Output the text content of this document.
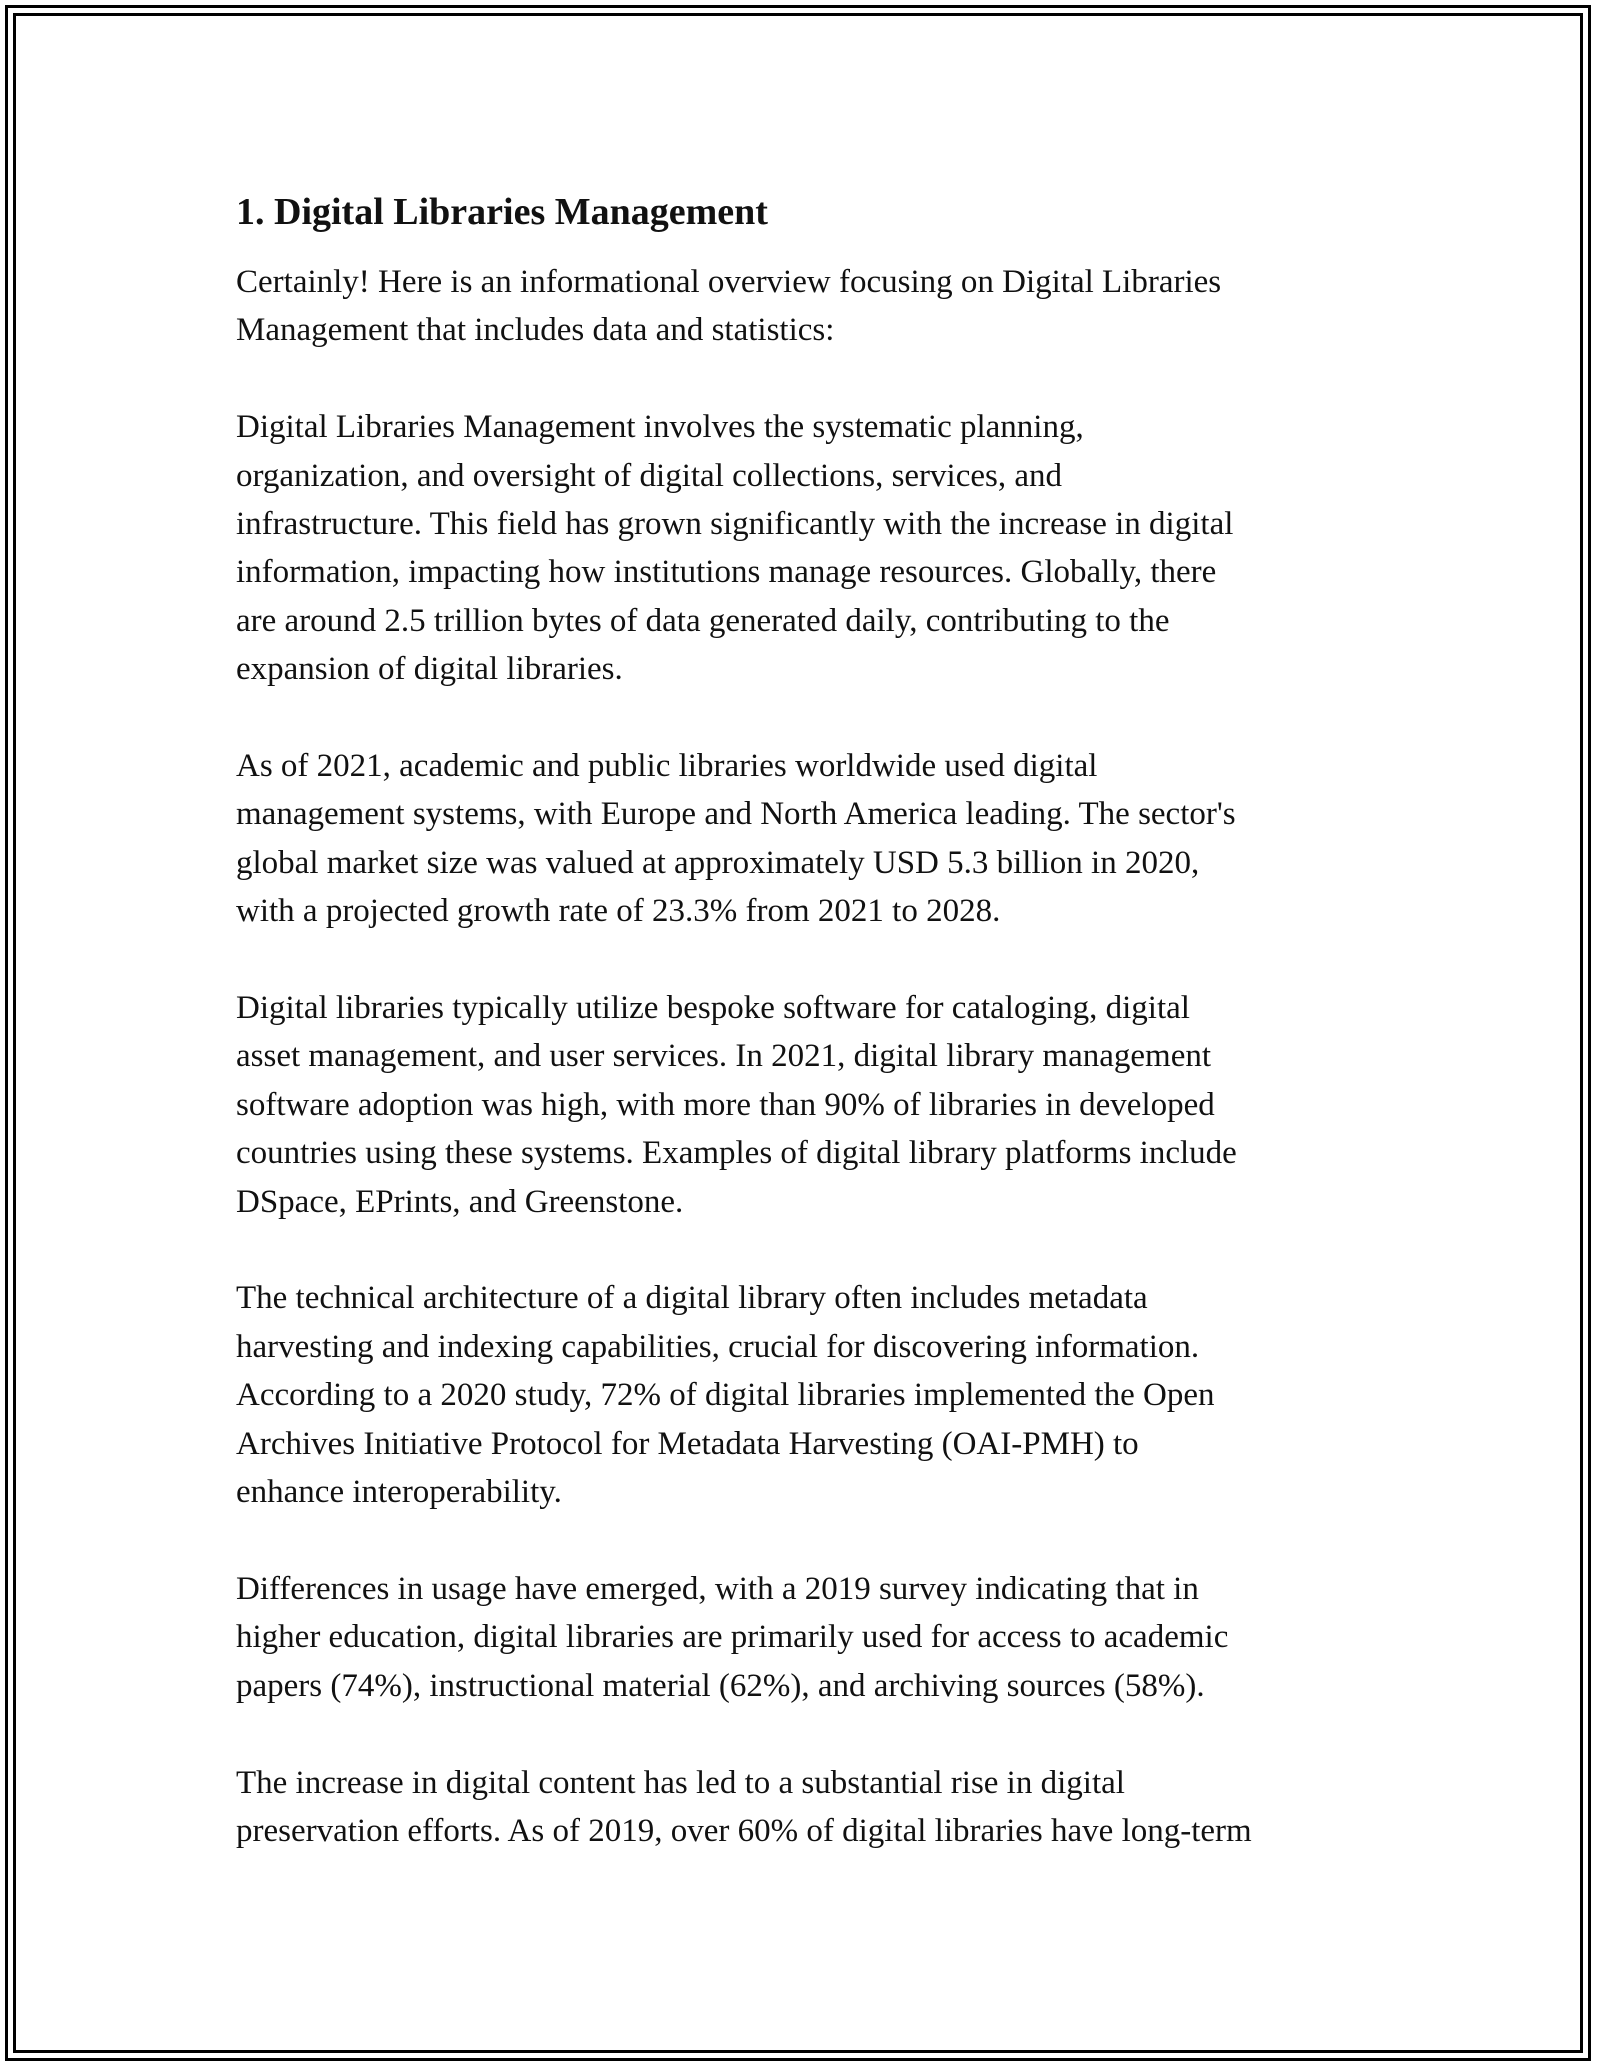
1. Digital Libraries Management

Certainly! Here is an informational overview focusing on Digital Libraries
Management that includes data and statistics:

Digital Libraries Management involves the systematic planning,
organization, and oversight of digital collections, services, and
infrastructure. This field has grown significantly with the increase in digital
information, impacting how institutions manage resources. Globally, there
are around 2.5 trillion bytes of data generated daily, contributing to the
expansion of digital libraries.

As of 2021, academic and public libraries worldwide used digital
management systems, with Europe and North America leading. The sector's
global market size was valued at approximately USD 5.3 billion in 2020,
with a projected growth rate of 23.3% from 2021 to 2028.

Digital libraries typically utilize bespoke software for cataloging, digital
asset management, and user services. In 2021, digital library management
software adoption was high, with more than 90% of libraries in developed
countries using these systems. Examples of digital library platforms include
DSpace, EPrints, and Greenstone.

The technical architecture of a digital library often includes metadata
harvesting and indexing capabilities, crucial for discovering information.
According to a 2020 study, 72% of digital libraries implemented the Open
Archives Initiative Protocol for Metadata Harvesting (OAI-PMH) to
enhance interoperability.

Differences in usage have emerged, with a 2019 survey indicating that in
higher education, digital libraries are primarily used for access to academic
papers (74%), instructional material (62%), and archiving sources (58%).

The increase in digital content has led to a substantial rise in digital
preservation efforts. As of 2019, over 60% of digital libraries have long-term
